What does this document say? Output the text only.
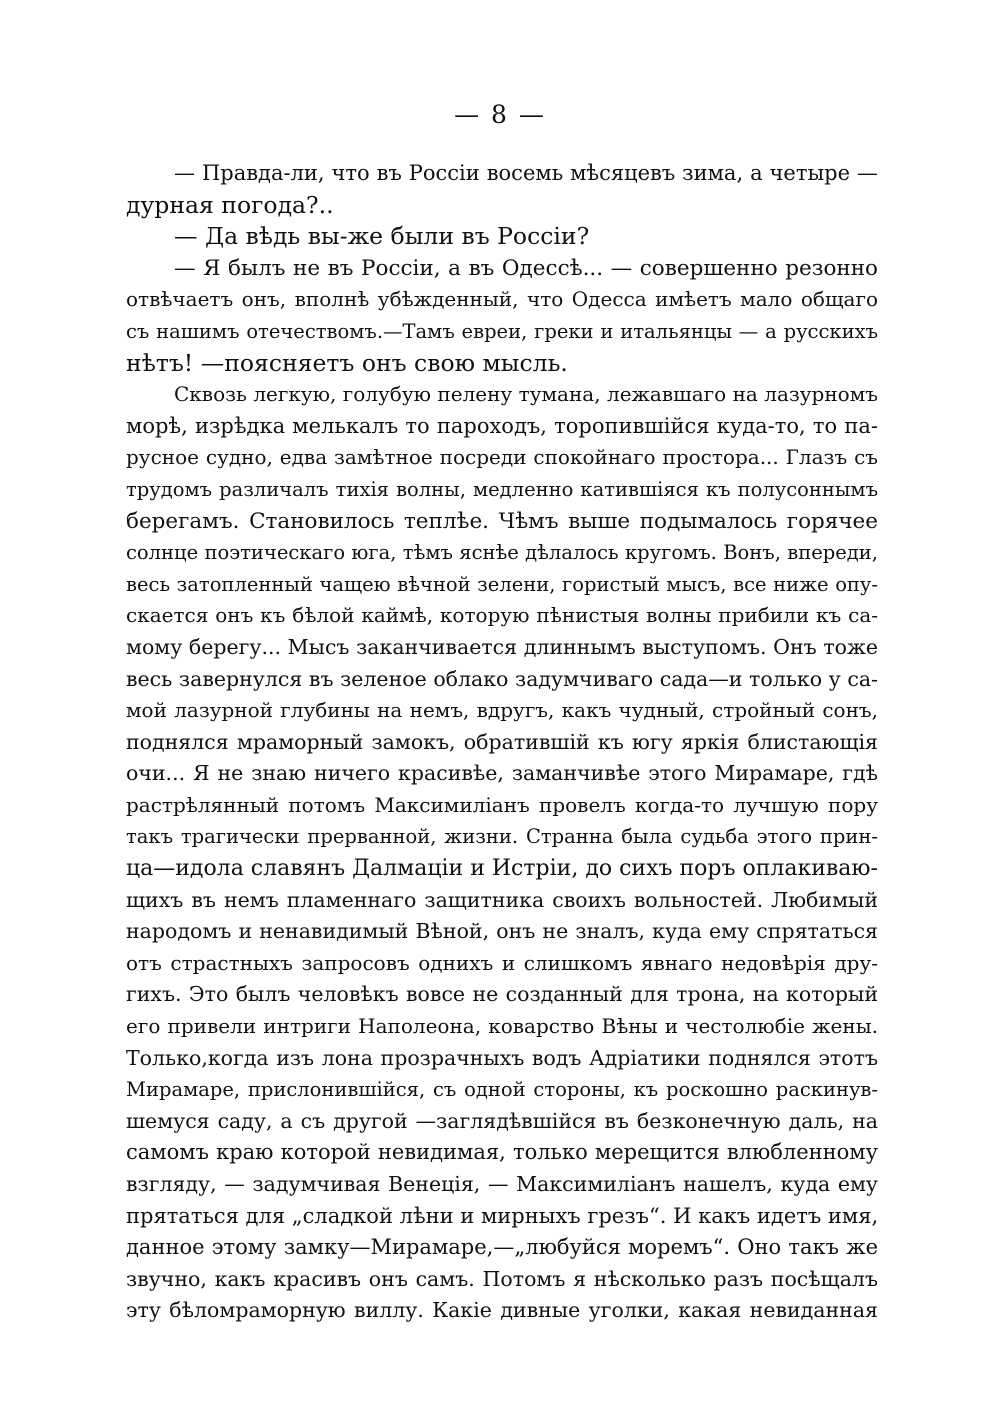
— 8 —
— Правда-ли, что въ Россіи восемь мѣсяцевъ зима, а четыре —
дурная погода?..
— Да вѣдь вы-же были въ Россіи?
— Я былъ не въ Россіи, а въ Одессѣ... — совершенно резонно
отвѣчаетъ онъ, вполнѣ убѣжденный, что Одесса имѣетъ мало общаго
съ нашимъ отечествомъ.—Тамъ евреи, греки и итальянцы — а русскихъ
нѣтъ! —поясняетъ онъ свою мысль.
Сквозь легкую, голубую пелену тумана, лежавшаго на лазурномъ
морѣ, изрѣдка мелькалъ то пароходъ, торопившійся куда-то, то па-
русное судно, едва замѣтное посреди спокойнаго простора... Глазъ съ
трудомъ различалъ тихія волны, медленно катившіяся къ полусоннымъ
берегамъ. Становилось теплѣе. Чѣмъ выше подымалось горячее
солнце поэтическаго юга, тѣмъ яснѣе дѣлалось кругомъ. Вонъ, впереди,
весь затопленный чащею вѣчной зелени, гористый мысъ, все ниже опу-
скается онъ къ бѣлой каймѣ, которую пѣнистыя волны прибили къ са-
мому берегу... Мысъ заканчивается длиннымъ выступомъ. Онъ тоже
весь завернулся въ зеленое облако задумчиваго сада—и только у са-
мой лазурной глубины на немъ, вдругъ, какъ чудный, стройный сонъ,
поднялся мраморный замокъ, обратившій къ югу яркія блистающія
очи... Я не знаю ничего красивѣе, заманчивѣе этого Мирамаре, гдѣ
растрѣлянный потомъ Максимиліанъ провелъ когда-то лучшую пору
такъ трагически прерванной, жизни. Странна была судьба этого прин-
ца—идола славянъ Далмаціи и Истріи, до сихъ поръ оплакиваю-
щихъ въ немъ пламеннаго защитника своихъ вольностей. Любимый
народомъ и ненавидимый Вѣной, онъ не зналъ, куда ему спрятаться
отъ страстныхъ запросовъ однихъ и слишкомъ явнаго недовѣрія дру-
гихъ. Это былъ человѣкъ вовсе не созданный для трона, на который
его привели интриги Наполеона, коварство Вѣны и честолюбіе жены.
Только,когда изъ лона прозрачныхъ водъ Адріатики поднялся этотъ
Мирамаре, прислонившійся, съ одной стороны, къ роскошно раскинув-
шемуся саду, а съ другой —заглядѣвшійся въ безконечную даль, на
самомъ краю которой невидимая, только мерещится влюбленному
взгляду, — задумчивая Венеція, — Максимиліанъ нашелъ, куда ему
прятаться для „сладкой лѣни и мирныхъ грезъ“. И какъ идетъ имя,
данное этому замку—Мирамаре,—„любуйся моремъ“. Оно такъ же
звучно, какъ красивъ онъ самъ. Потомъ я нѣсколько разъ посѣщалъ
эту бѣломраморную виллу. Какіе дивные уголки, какая невиданная
